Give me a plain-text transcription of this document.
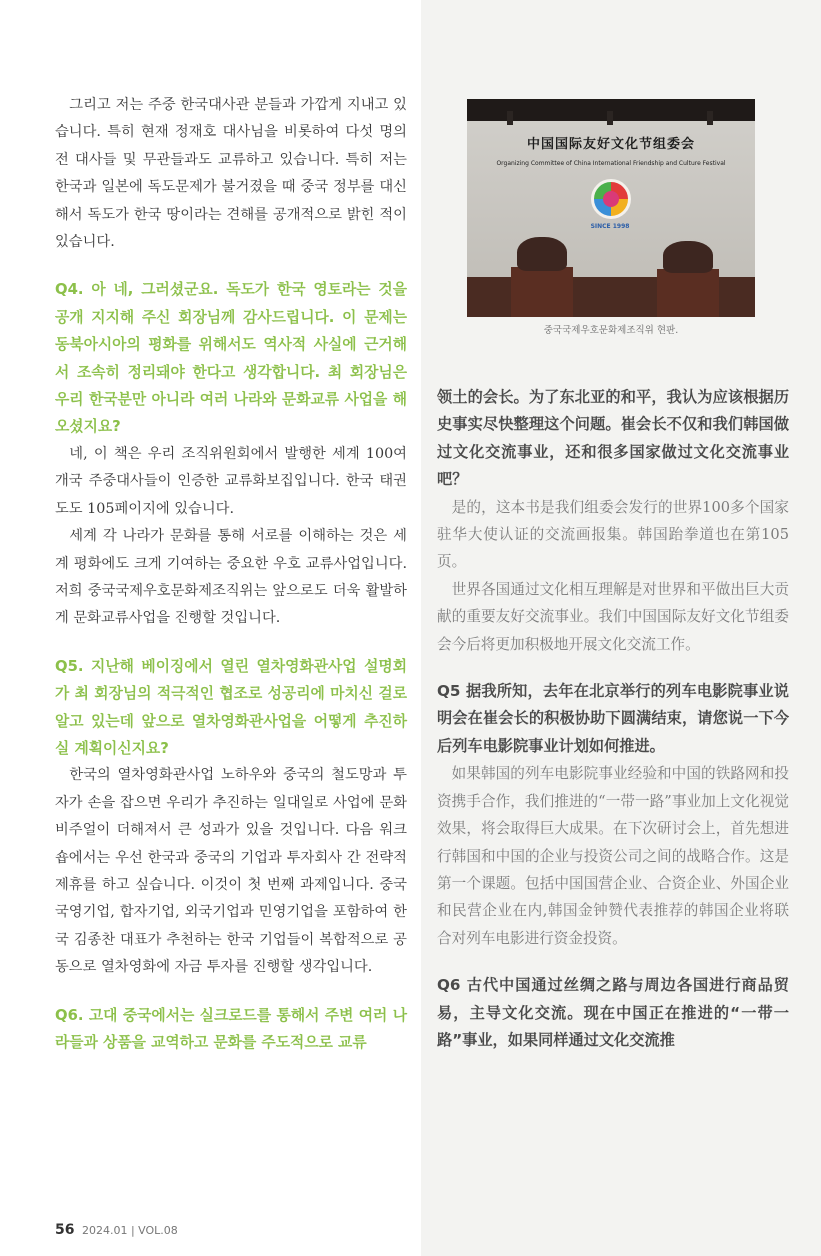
그리고 저는 주중 한국대사관 분들과 가깝게 지내고 있습니다. 특히 현재 정재호 대사님을 비롯하여 다섯 명의 전 대사들 및 무관들과도 교류하고 있습니다. 특히 저는 한국과 일본에 독도문제가 불거졌을 때 중국 정부를 대신해서 독도가 한국 땅이라는 견해를 공개적으로 밝힌 적이 있습니다.

Q4. 아 네, 그러셨군요. 독도가 한국 영토라는 것을 공개 지지해 주신 회장님께 감사드립니다. 이 문제는 동북아시아의 평화를 위해서도 역사적 사실에 근거해서 조속히 정리돼야 한다고 생각합니다. 최 회장님은 우리 한국분만 아니라 여러 나라와 문화교류 사업을 해오셨지요?

네, 이 책은 우리 조직위원회에서 발행한 세계 100여 개국 주중대사들이 인증한 교류화보집입니다. 한국 태권도도 105페이지에 있습니다.

세계 각 나라가 문화를 통해 서로를 이해하는 것은 세계 평화에도 크게 기여하는 중요한 우호 교류사업입니다. 저희 중국국제우호문화제조직위는 앞으로도 더욱 활발하게 문화교류사업을 진행할 것입니다.

Q5. 지난해 베이징에서 열린 열차영화관사업 설명회가 최 회장님의 적극적인 협조로 성공리에 마치신 걸로 알고 있는데 앞으로 열차영화관사업을 어떻게 추진하실 계획이신지요?

한국의 열차영화관사업 노하우와 중국의 철도망과 투자가 손을 잡으면 우리가 추진하는 일대일로 사업에 문화비주얼이 더해져서 큰 성과가 있을 것입니다. 다음 워크숍에서는 우선 한국과 중국의 기업과 투자회사 간 전략적 제휴를 하고 싶습니다. 이것이 첫 번째 과제입니다. 중국 국영기업, 합자기업, 외국기업과 민영기업을 포함하여 한국 김종찬 대표가 추천하는 한국 기업들이 복합적으로 공동으로 열차영화에 자금 투자를 진행할 생각입니다.

Q6. 고대 중국에서는 실크로드를 통해서 주변 여러 나라들과 상품을 교역하고 문화를 주도적으로 교류

中国国际友好文化节组委会
Organizing Committee of China International Friendship and Culture Festival
SINCE 1998
중국국제우호문화제조직위 현판.

领土的会长。为了东北亚的和平，我认为应该根据历史事实尽快整理这个问题。崔会长不仅和我们韩国做过文化交流事业，还和很多国家做过文化交流事业吧？

是的，这本书是我们组委会发行的世界100多个国家驻华大使认证的交流画报集。韩国跆拳道也在第105页。

世界各国通过文化相互理解是对世界和平做出巨大贡献的重要友好交流事业。我们中国国际友好文化节组委会今后将更加积极地开展文化交流工作。

Q5 据我所知，去年在北京举行的列车电影院事业说明会在崔会长的积极协助下圆满结束，请您说一下今后列车电影院事业计划如何推进。

如果韩国的列车电影院事业经验和中国的铁路网和投资携手合作，我们推进的“一带一路”事业加上文化视觉效果，将会取得巨大成果。在下次研讨会上，首先想进行韩国和中国的企业与投资公司之间的战略合作。这是第一个课题。包括中国国营企业、合资企业、外国企业和民营企业在内,韩国金钟赞代表推荐的韩国企业将联合对列车电影进行资金投资。

Q6 古代中国通过丝绸之路与周边各国进行商品贸易，主导文化交流。现在中国正在推进的“一带一路”事业，如果同样通过文化交流推

56 2024.01 | VOL.08
